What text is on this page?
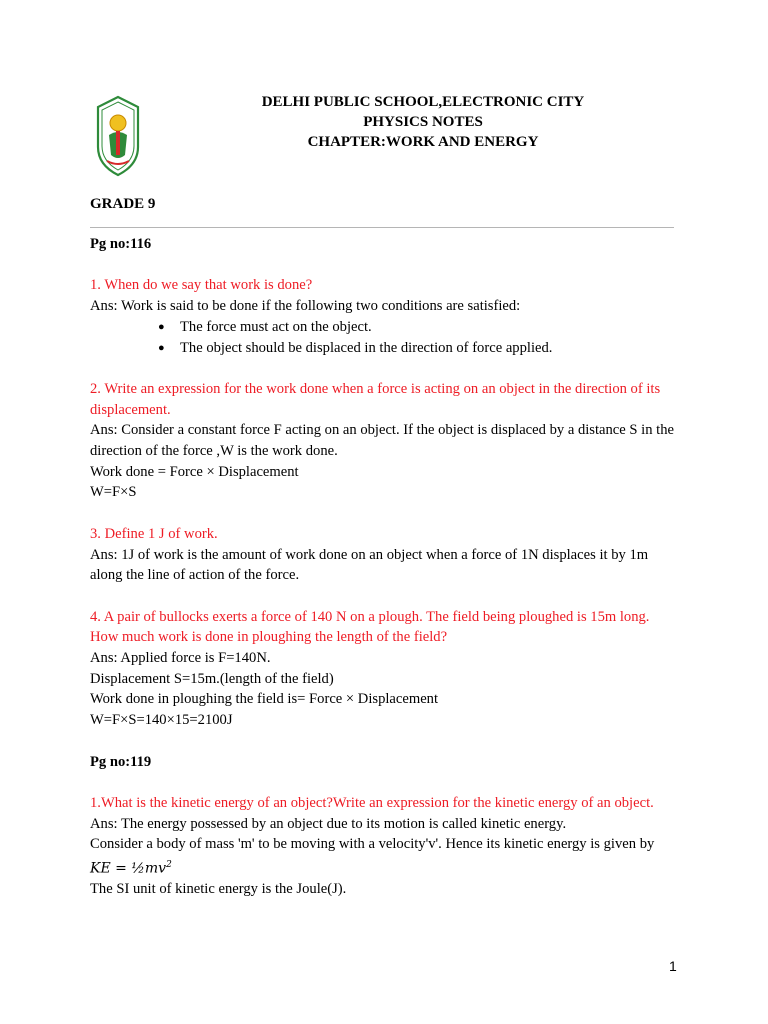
DELHI PUBLIC SCHOOL,ELECTRONIC CITY
PHYSICS NOTES
CHAPTER:WORK AND ENERGY
GRADE 9

Pg no:116

1. When do we say that work is done?

Ans: Work is said to be done if the following two conditions are satisfied:

● The force must act on the object.
● The object should be displaced in the direction of force applied.

2. Write an expression for the work done when a force is acting on an object in the direction of its displacement.

Ans: Consider a constant force F acting on an object. If the object is displaced by a distance S in the direction of the force ,W is the work done.

Work done = Force × Displacement

W=F×S

3. Define 1 J of work.

Ans: 1J of work is the amount of work done on an object when a force of 1N displaces it by 1m along the line of action of the force.

4. A pair of bullocks exerts a force of 140 N on a plough. The field being ploughed is 15m long. How much work is done in ploughing the length of the field?

Ans: Applied force is F=140N.

Displacement S=15m.(length of the field)

Work done in ploughing the field is= Force × Displacement

W=F×S=140×15=2100J

Pg no:119

1.What is the kinetic energy of an object?Write an expression for the kinetic energy of an object.

Ans: The energy possessed by an object due to its motion is called kinetic energy.

Consider a body of mass 'm' to be moving with a velocity'v'. Hence its kinetic energy is given by

KE = $\frac{1}{2}mv^2$

The SI unit of kinetic energy is the Joule(J).

1
